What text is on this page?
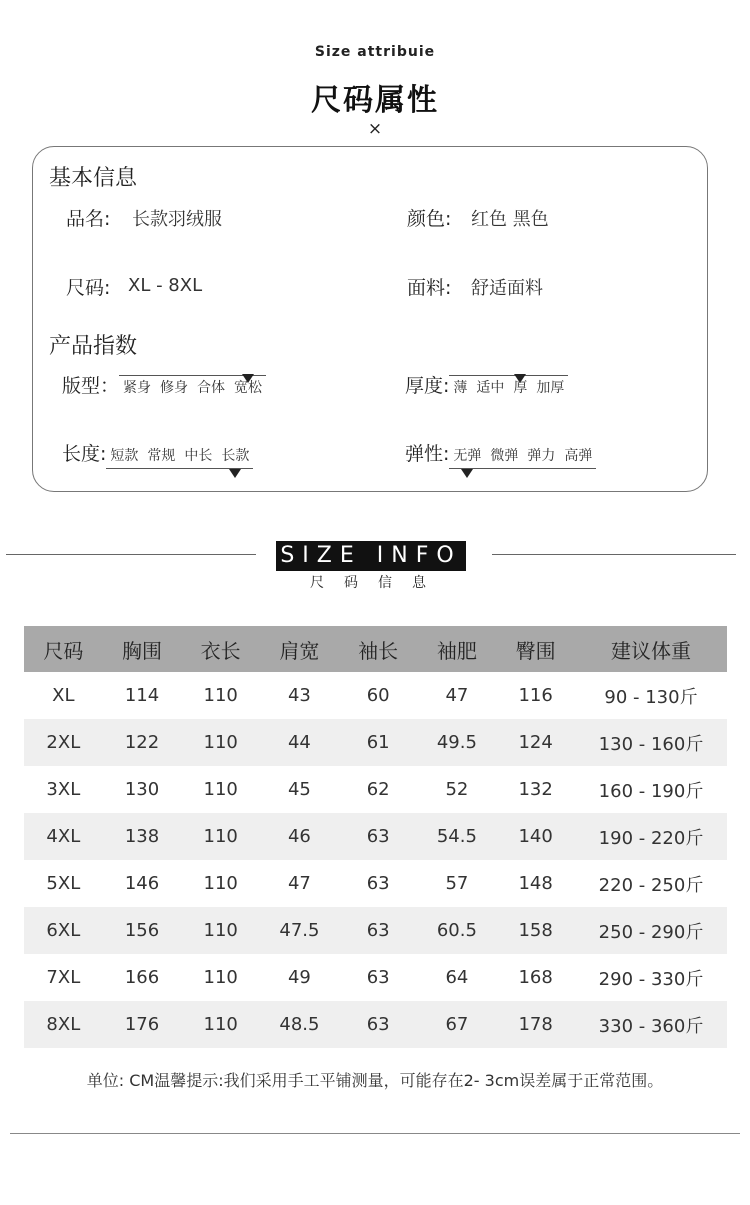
Size attribuie
尺码属性
×
基本信息
品名: 长款羽绒服	颜色: 红色 黑色
尺码: XL - 8XL	面料: 舒适面料
产品指数
版型： 紧身 修身 合体 宽松	厚度: 薄 适中 厚 加厚
长度: 短款 常规 中长 长款	弹性: 无弹 微弹 弹力 高弹
SIZE INFO
尺码信息
尺码	胸围	衣长	肩宽	袖长	袖肥	臀围	建议体重
XL	114	110	43	60	47	116	90 - 130斤
2XL	122	110	44	61	49.5	124	130 - 160斤
3XL	130	110	45	62	52	132	160 - 190斤
4XL	138	110	46	63	54.5	140	190 - 220斤
5XL	146	110	47	63	57	148	220 - 250斤
6XL	156	110	47.5	63	60.5	158	250 - 290斤
7XL	166	110	49	63	64	168	290 - 330斤
8XL	176	110	48.5	63	67	178	330 - 360斤
单位: CM温馨提示:我们采用手工平铺测量，可能存在2- 3cm误差属于正常范围。
